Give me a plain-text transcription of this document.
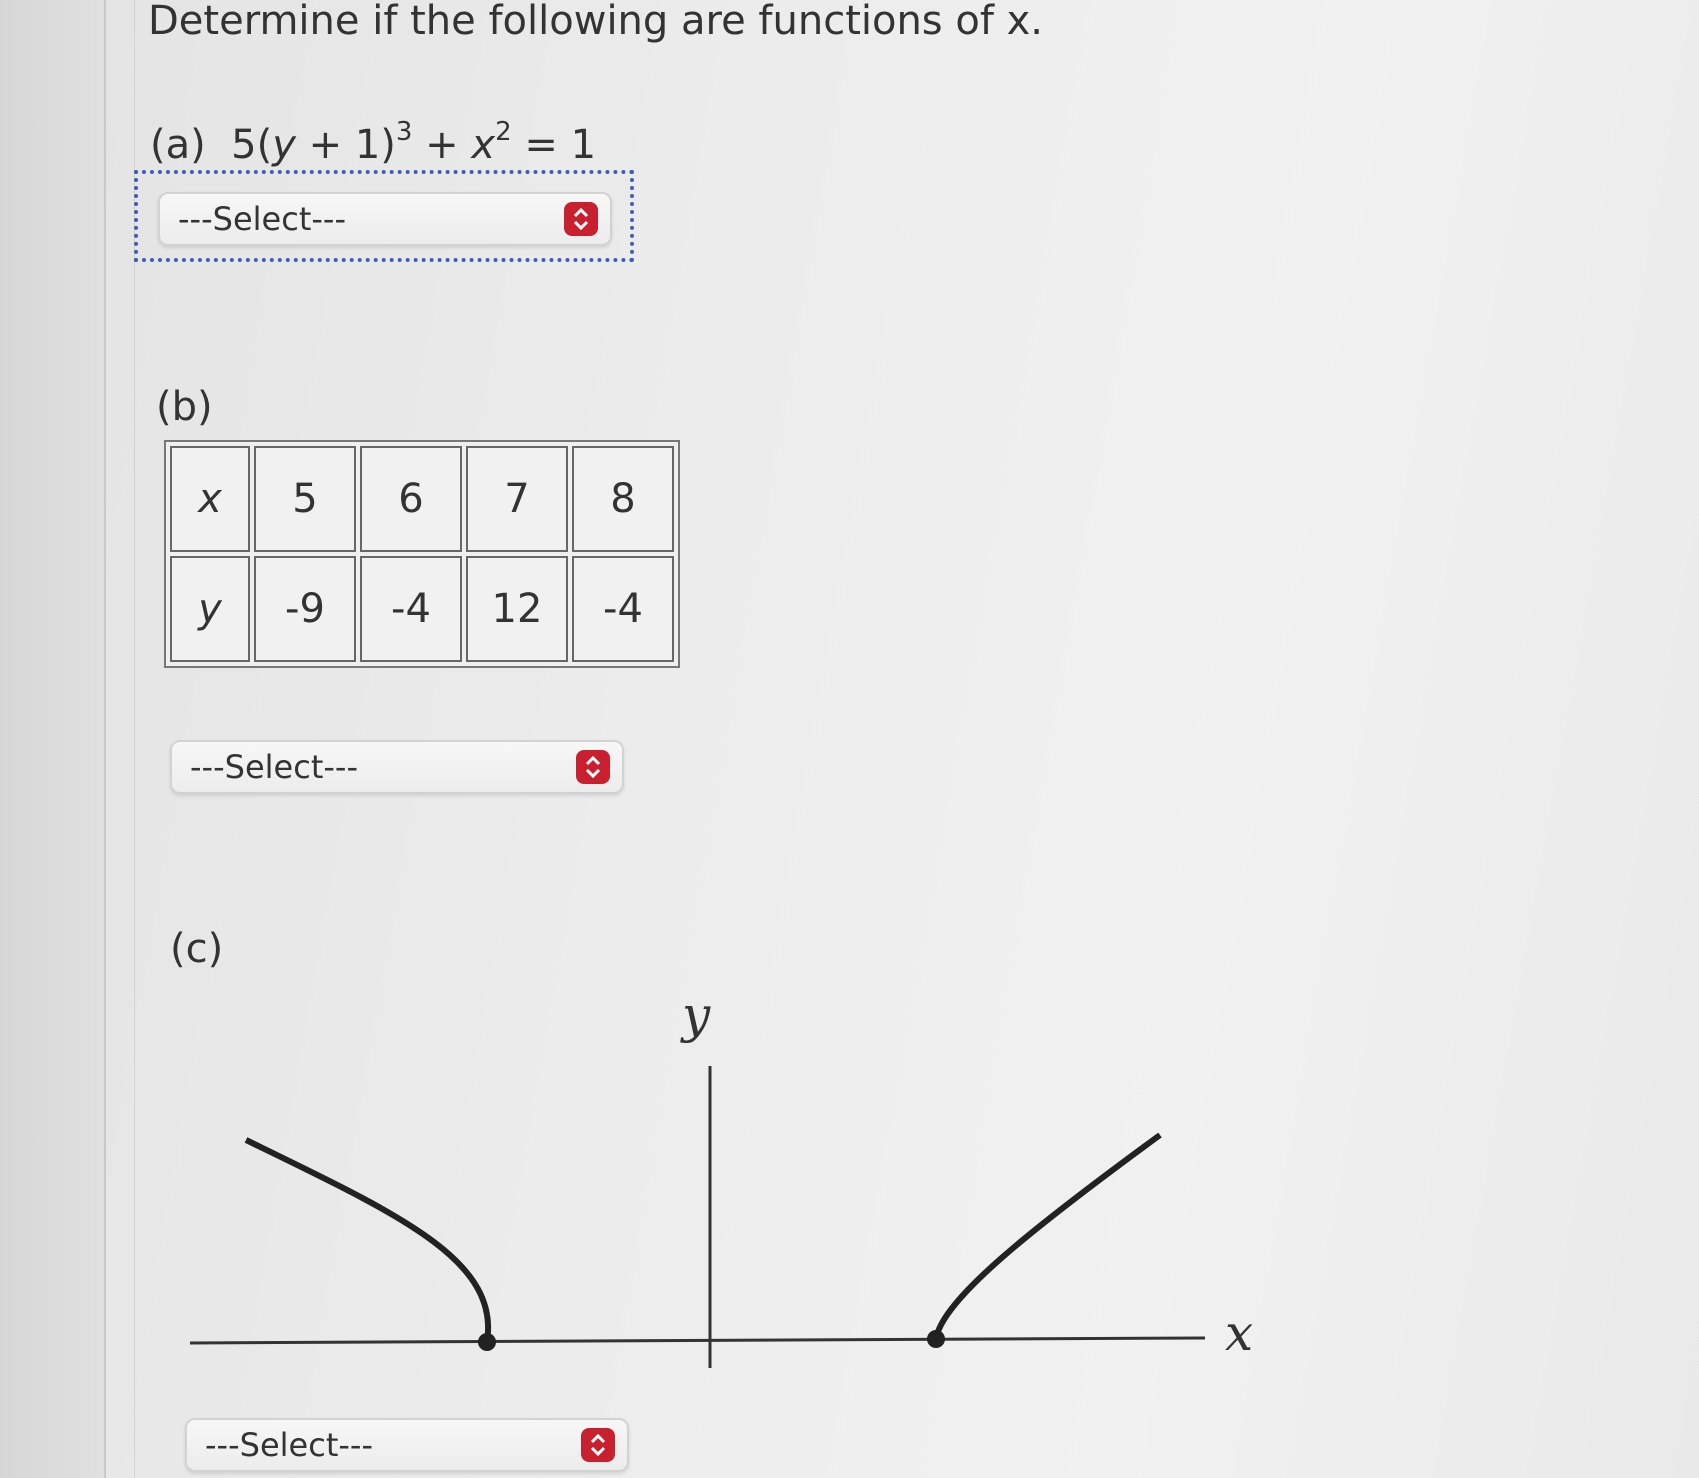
Determine if the following are functions of x.
(a) $5(y + 1)^3 + x^2 = 1$
---Select---
(b)
x	5	6	7	8
y	-9	-4	12	-4
---Select---
(c)
y
x
---Select---
